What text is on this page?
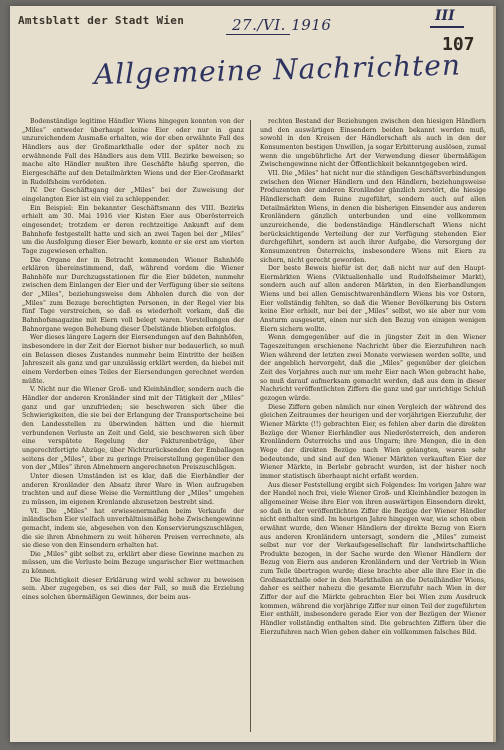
Amtsblatt der Stadt Wien	27./VI. 1916	III
107
Allgemeine Nachrichten

Bodenständige legitime Händler Wiens hingegen konnten von der „Miles“ entweder überhaupt keine Eier oder nur in ganz unzureichendem Ausmaße erhalten, wie der eben erwähnte Fall des Händlers aus der Großmarkthalle oder der später noch zu erwähnende Fall des Händlers aus dem VIII. Bezirke beweisen; so mache alte Händler mußten ihre Geschäfte häufig sperren, die Eiergeschäfte auf den Detailmärkten Wiens und der Eier-Großmarkt in Rudolfsheim verödeten.

IV. Der Geschäftsgang der „Miles“ bei der Zuweisung der eingelangten Eier ist ein viel zu schleppender.

Ein Beispiel: Ein bekannter Geschäftsmann des VIII. Bezirks erhielt am 30. Mai 1916 vier Kisten Eier aus Oberösterreich eingesendet; trotzdem er deren rechtzeitige Ankunft auf dem Bahnhofe festgestellt hatte und sich an zwei Tagen bei der „Miles“ um die Ausfolgung dieser Eier bewarb, konnte er sie erst am vierten Tage zugewiesen erhalten.

Die Organe der in Betracht kommenden Wiener Bahnhöfe erklären übereinstimmend, daß, während vordem die Wiener Bahnhöfe nur Durchzugsstationen für die Eier bildeten, nunmehr zwischen dem Einlangen der Eier und der Verfügung über sie seitens der „Miles“, beziehungsweise dem Abholen durch die von der „Miles“ zum Bezuge berechtigten Personen, in der Regel vier bis fünf Tage verstreichen, so daß es wiederholt vorkam, daß die Bahnhofsmagazine mit Eiern voll belegt waren. Vorstellungen der Bahnorgane wegen Behebung dieser Übelstände blieben erfolglos.

Wer dieses längere Lagern der Eiersendungen auf den Bahnhöfen, insbesondere in der Zeit der Eiernot bisher nur bedauerlich, so muß ein Belassen dieses Zustandes nunmehr beim Eintritte der heißen Jahreszeit als ganz und gar unzulässig erklärt werden, da hiebei mit einem Verderben eines Teiles der Eiersendungen gerechnet werden müßte.

V. Nicht nur die Wiener Groß- und Kleinhändler, sondern auch die Händler der anderen Kronländer sind mit der Tätigkeit der „Miles“ ganz und gar unzufrieden; sie beschweren sich über die Schwierigkeiten, die sie bei der Erlangung der Transportscheine bei den Landesstellen zu überwinden hätten und die hiermit verbundenen Verluste an Zeit und Geld, sie beschweren sich über eine verspätete Regelung der Fakturenbeträge, über ungerechtfertigte Abzüge, über Nichtzurücksenden der Emballagen seitens der „Miles“, über zu geringe Preiserstellung gegenüber den von der „Miles“ ihren Abnehmern angerechneten Preiszuschlägen.

Unter diesen Umständen ist es klar, daß die Eierhändler der anderen Kronländer den Absatz ihrer Ware in Wien aufzugeben trachten und auf diese Weise die Vermittlung der „Miles“ umgehen zu müssen, im eigenen Kronlande abzusetzen bestrebt sind.

VI. Die „Miles“ hat erwiesenermaßen beim Verkaufe der inländischen Eier vielfach unverhältnismäßig hohe Zwischengewinne gemacht, indem sie, abgesehen von den Konservierungszuschlägen, die sie ihren Abnehmern zu weit höheren Preisen verrechnete, als sie diese von den Einsendern erhalten hat.

Die „Miles“ gibt selbst zu, erklärt aber diese Gewinne machen zu müssen, um die Verluste beim Bezuge ungarischer Eier wettmachen zu können.

Die Richtigkeit dieser Erklärung wird wohl schwer zu beweisen sein. Aber zugegeben, es sei dies der Fall, so muß die Erzielung eines solchen übermäßigen Gewinnes, der beim aus-

rechten Bestand der Beziehungen zwischen den hiesigen Händlern und den auswärtigen Einsendern beiden bekannt werden muß, sowohl in den Kreisen der Händlerschaft als auch in den der Konsumenten bestigen Unwillen, ja sogar Erbitterung auslösen, zumal wenn die ungebührliche Art der Verwendung dieser übermäßigen Zwischengewinne nicht der Öffentlichkeit bekanntgegeben wird.

VII. Die „Miles“ hat nicht nur die ständigen Geschäftsverbindungen zwischen den Wiener Händlern und den Händlern, beziehungsweise Produzenten der anderen Kronländer gänzlich zerstört, die hiesige Händlerschaft dem Ruine zugeführt, sondern auch auf allen Detailmärkten Wiens, in denen die bisherigen Einsender aus anderen Kronländern gänzlich unterbunden und eine vollkommen unzureichende, die bodenständige Händlerschaft Wiens nicht berücksichtigende Verteilung der zur Verfügung stehenden Eier durchgeführt, sondern ist auch ihrer Aufgabe, die Versorgung der Konsumzentren Österreichs, insbesondere Wiens mit Eiern zu sichern, nicht gerecht geworden.

Der beste Beweis hiefür ist der, daß nicht nur auf den Haupt-Eiermärkten Wiens (Viktualienhalle und Rudolfsheimer Markt), sondern auch auf allen anderen Märkten, in den Eierhandlungen Wiens und bei allen Gemischtwarenhändlern Wiens bis vor Ostern, Eier vollständig fehlten, so daß die Wiener Bevölkerung bis Ostern keine Eier erhielt, nur bei der „Miles“ selbst, wo sie aber nur vom Ansturm ausgesetzt, einen nur sich den Bezug von einigen wenigen Eiern sichern wollte.

Wenn demgegenüber auf die in jüngster Zeit in den Wiener Tageszeitungen erschienene Nachricht über die Eierzufuhren nach Wien während der letzten zwei Monate verwiesen werden sollte, und der angeblich hervorgeht, daß die „Miles“ gegenüber der gleichen Zeit des Vorjahres auch nur um mehr Eier nach Wien gebracht habe, so muß darauf aufmerksam gemacht werden, daß aus dem in dieser Nachricht veröffentlichten Ziffern die ganz und gar unrichtige Schluß gezogen würde.

Diese Ziffern geben nämlich nur einen Vergleich der während des gleichen Zeitraumes der heurigen und der vorjährigen Eierzufuhr, der Wiener Märkte (!!) gebrachten Eier, es fehlen aber darin die direkten Bezüge der Wiener Eierhändler aus Niederösterreich, den anderen Kronländern Österreichs und aus Ungarn; ihre Mengen, die in den Wege der direkten Bezüge nach Wien gelangten, waren sehr bedeutende, und sind auf den Wiener Märkten verkauften Eier der Wiener Märkte, in Berlebr gebracht wurden, ist der bisher noch immer statistisch überhaupt nicht erfaßt worden.

Aus dieser Feststellung ergibt sich Folgendes: Im vorigen Jahre war der Handel noch frei, viele Wiener Groß- und Kleinhändler bezogen in allgemeiner Weise ihre Eier von ihren auswärtigen Einsendern direkt, so daß in der veröffentlichten Ziffer die Bezüge der Wiener Händler nicht enthalten sind. Im heurigen Jahre hingegen war, wie schon oben erwähnt wurde, den Wiener Händlern der direkte Bezug von Eiern aus anderen Kronländern untersagt, sondern die „Miles“ zumeist selbst nur vor der Verkaufsgesellschaft für landwirtschaftliche Produkte bezogen, in der Sache wurde den Wiener Händlern der Bezug von Eiern aus anderen Kronländern und der Vertrieb in Wien zum Teile übertragen wurde; diese brachte aber alle ihre Eier in die Großmarkthalle oder in den Markthallen an die Detailhändler Wiens, daher es seither nahezu die gesamte Eierzufuhr nach Wien in der Ziffer der auf die Märkte gebrachten Eier bei Wien zum Ausdruck kommen, während die vorjährige Ziffer nur einen Teil der zugeführten Eier enthält, insbesondere gerade Eier von der Bezügen der Wiener Händler vollständig enthalten sind. Die gebrachten Ziffern über die Eierzufuhren nach Wien geben daher ein vollkommen falsches Bild.
